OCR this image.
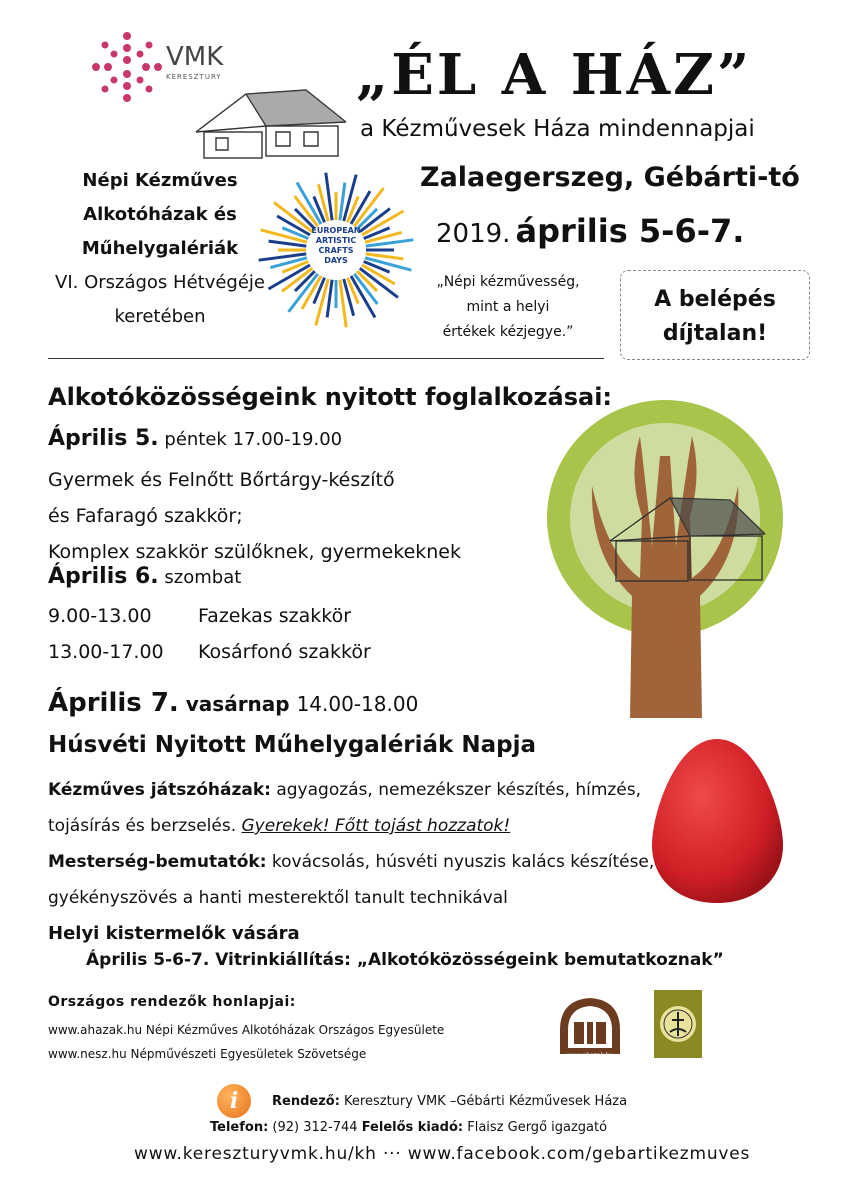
VMK
KERESZTURY „ÉL A HÁZ”
a Kézművesek Háza mindennapjai
Zalaegerszeg, Gébárti-tó
2019. április 5-6-7.
Népi Kézműves
Alkotóházak és
Műhelygalériák
VI. Országos Hétvégéje
keretében
EUROPEAN
ARTISTIC
CRAFTS
DAYS
„Népi kézművesség,
mint a helyi
értékek kézjegye.”
A belépés
díjtalan!
Alkotóközösségeink nyitott foglalkozásai:
Április 5. péntek 17.00-19.00
Gyermek és Felnőtt Bőrtárgy-készítő
és Fafaragó szakkör;
Komplex szakkör szülőknek, gyermekeknek
Április 6. szombat
9.00-13.00 Fazekas szakkör
13.00-17.00 Kosárfonó szakkör
Április 7. vasárnap 14.00-18.00
Húsvéti Nyitott Műhelygalériák Napja
Kézműves játszóházak: agyagozás, nemezékszer készítés, hímzés,
tojásírás és berzselés. Gyerekek! Főtt tojást hozzatok!
Mesterség-bemutatók: kovácsolás, húsvéti nyuszis kalács készítése,
gyékényszövés a hanti mesterektől tanult technikával
Helyi kistermelők vására
Április 5-6-7. Vitrinkiállítás: „Alkotóközösségeink bemutatkoznak”
Országos rendezők honlapjai:
www.ahazak.hu Népi Kézműves Alkotóházak Országos Egyesülete
www.nesz.hu Népművészeti Egyesületek Szövetsége	www.ahazak.hu
i	Rendező: Keresztury VMK –Gébárti Kézművesek Háza
Telefon: (92) 312-744 Felelős kiadó: Flaisz Gergő igazgató
www.kereszturyvmk.hu/kh ··· www.facebook.com/gebartikezmuves
